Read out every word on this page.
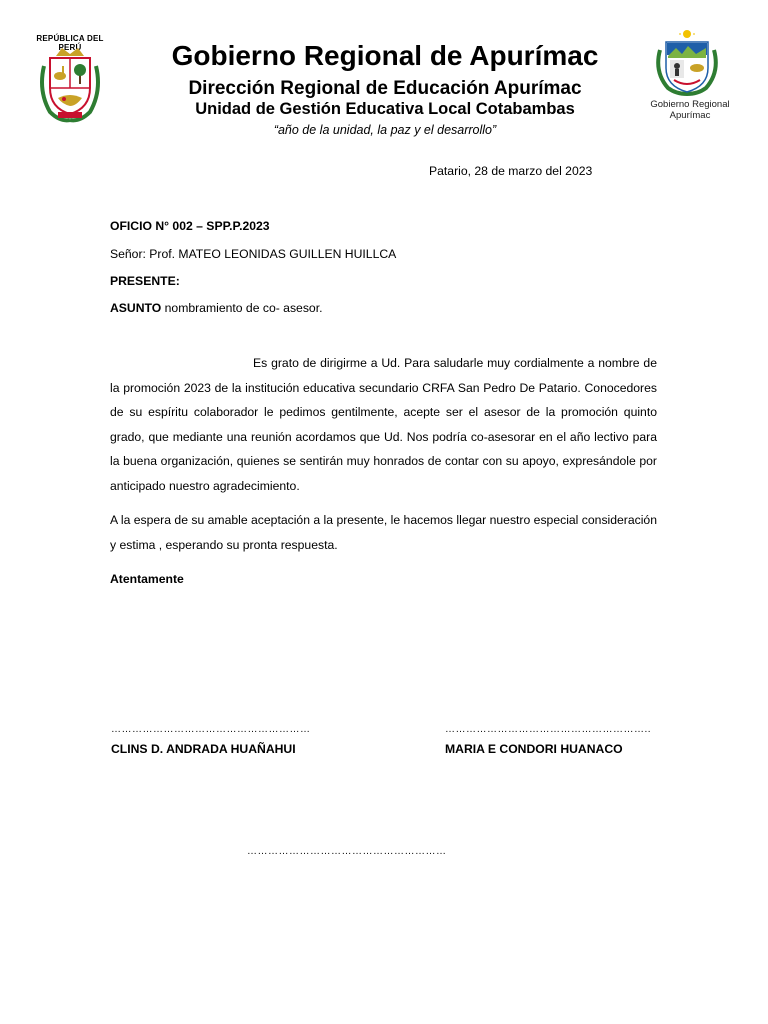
REPÚBLICA DEL PERÚ	Gobierno Regional de Apurímac
Dirección Regional de Educación Apurímac
Unidad de Gestión Educativa Local Cotabambas
“año de la unidad, la paz y el desarrollo”
Gobierno Regional
Apurímac
Patario, 28 de marzo del 2023
OFICIO N° 002 – SPP.P.2023
Señor: Prof. MATEO LEONIDAS GUILLEN HUILLCA
PRESENTE:
ASUNTO nombramiento de co- asesor.
Es grato de dirigirme a Ud. Para saludarle muy cordialmente a nombre de la promoción 2023 de la institución educativa secundario CRFA San Pedro De Patario. Conocedores de su espíritu colaborador le pedimos gentilmente, acepte ser el asesor de la promoción quinto grado, que mediante una reunión acordamos que Ud. Nos podría co-asesorar en el año lectivo para la buena organización, quienes se sentirán muy honrados de contar con su apoyo, expresándole por anticipado nuestro agradecimiento.
A la espera de su amable aceptación a la presente, le hacemos llegar nuestro especial consideración y estima , esperando su pronta respuesta.
Atentamente
…………………………………………………	…………………………………………………..
CLINS D. ANDRADA HUAÑAHUI	MARIA E CONDORI HUANACO
…………………………………………………
